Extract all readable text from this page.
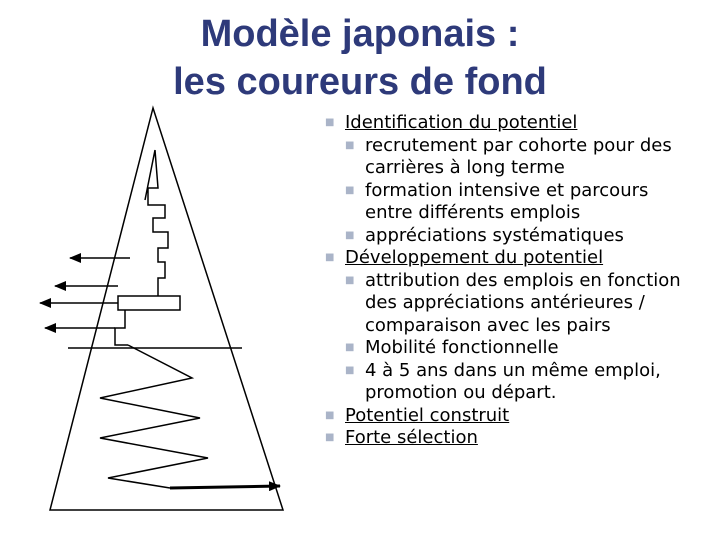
Modèle japonais :
les coureurs de fond
■ Identification du potentiel
■ recrutement par cohorte pour des carrières à long terme
■ formation intensive et parcours entre différents emplois
■ appréciations systématiques
■ Développement du potentiel
■ attribution des emplois en fonction des appréciations antérieures / comparaison avec les pairs
■ Mobilité fonctionnelle
■ 4 à 5 ans dans un même emploi, promotion ou départ.
■ Potentiel construit
■ Forte sélection
